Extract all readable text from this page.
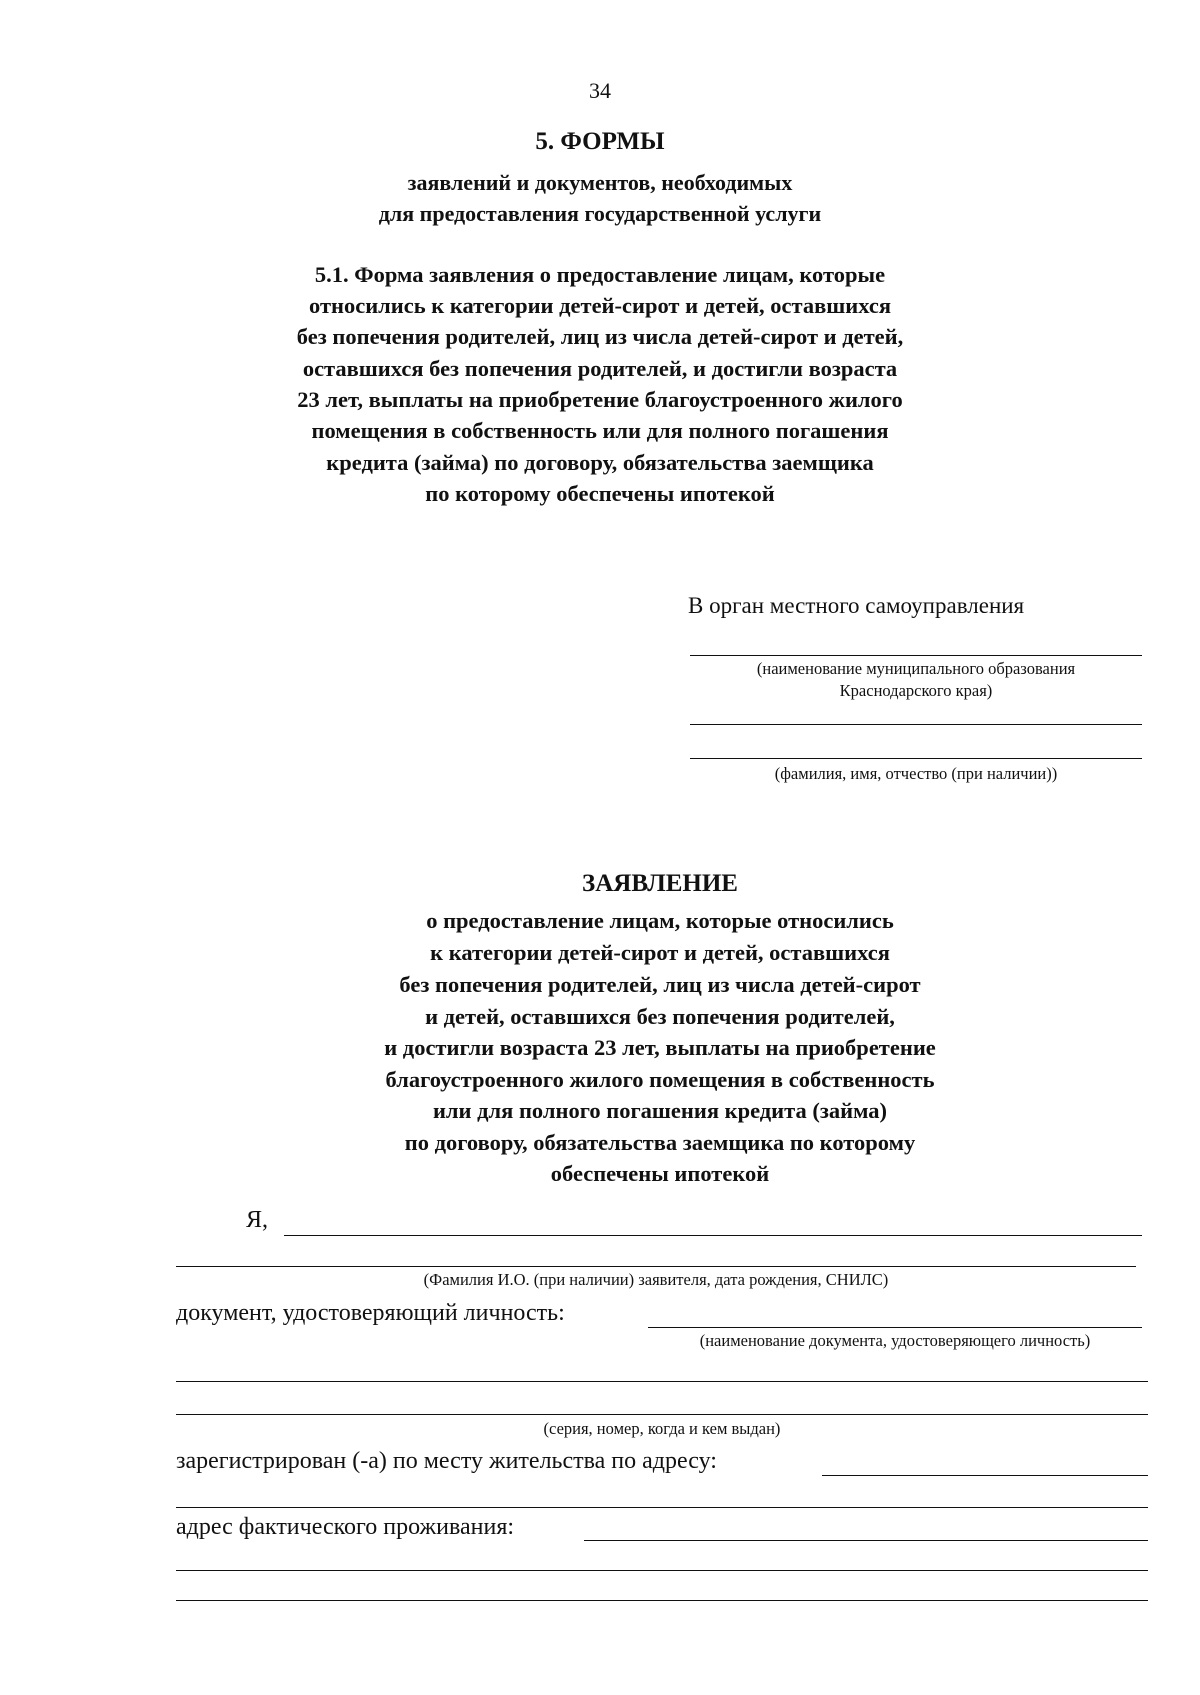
34
5. ФОРМЫ
заявлений и документов, необходимых
для предоставления государственной услуги
5.1. Форма заявления о предоставление лицам, которые
относились к категории детей-сирот и детей, оставшихся
без попечения родителей, лиц из числа детей-сирот и детей,
оставшихся без попечения родителей, и достигли возраста
23 лет, выплаты на приобретение благоустроенного жилого
помещения в собственность или для полного погашения
кредита (займа) по договору, обязательства заемщика
по которому обеспечены ипотекой
В орган местного самоуправления
(наименование муниципального образования
Краснодарского края)
(фамилия, имя, отчество (при наличии))
ЗАЯВЛЕНИЕ
о предоставление лицам, которые относились
к категории детей-сирот и детей, оставшихся
без попечения родителей, лиц из числа детей-сирот
и детей, оставшихся без попечения родителей,
и достигли возраста 23 лет, выплаты на приобретение
благоустроенного жилого помещения в собственность
или для полного погашения кредита (займа)
по договору, обязательства заемщика по которому
обеспечены ипотекой
Я,
(Фамилия И.О. (при наличии) заявителя, дата рождения, СНИЛС)
документ, удостоверяющий личность:
(наименование документа, удостоверяющего личность)
(серия, номер, когда и кем выдан)
зарегистрирован (-а) по месту жительства по адресу:
адрес фактического проживания:
